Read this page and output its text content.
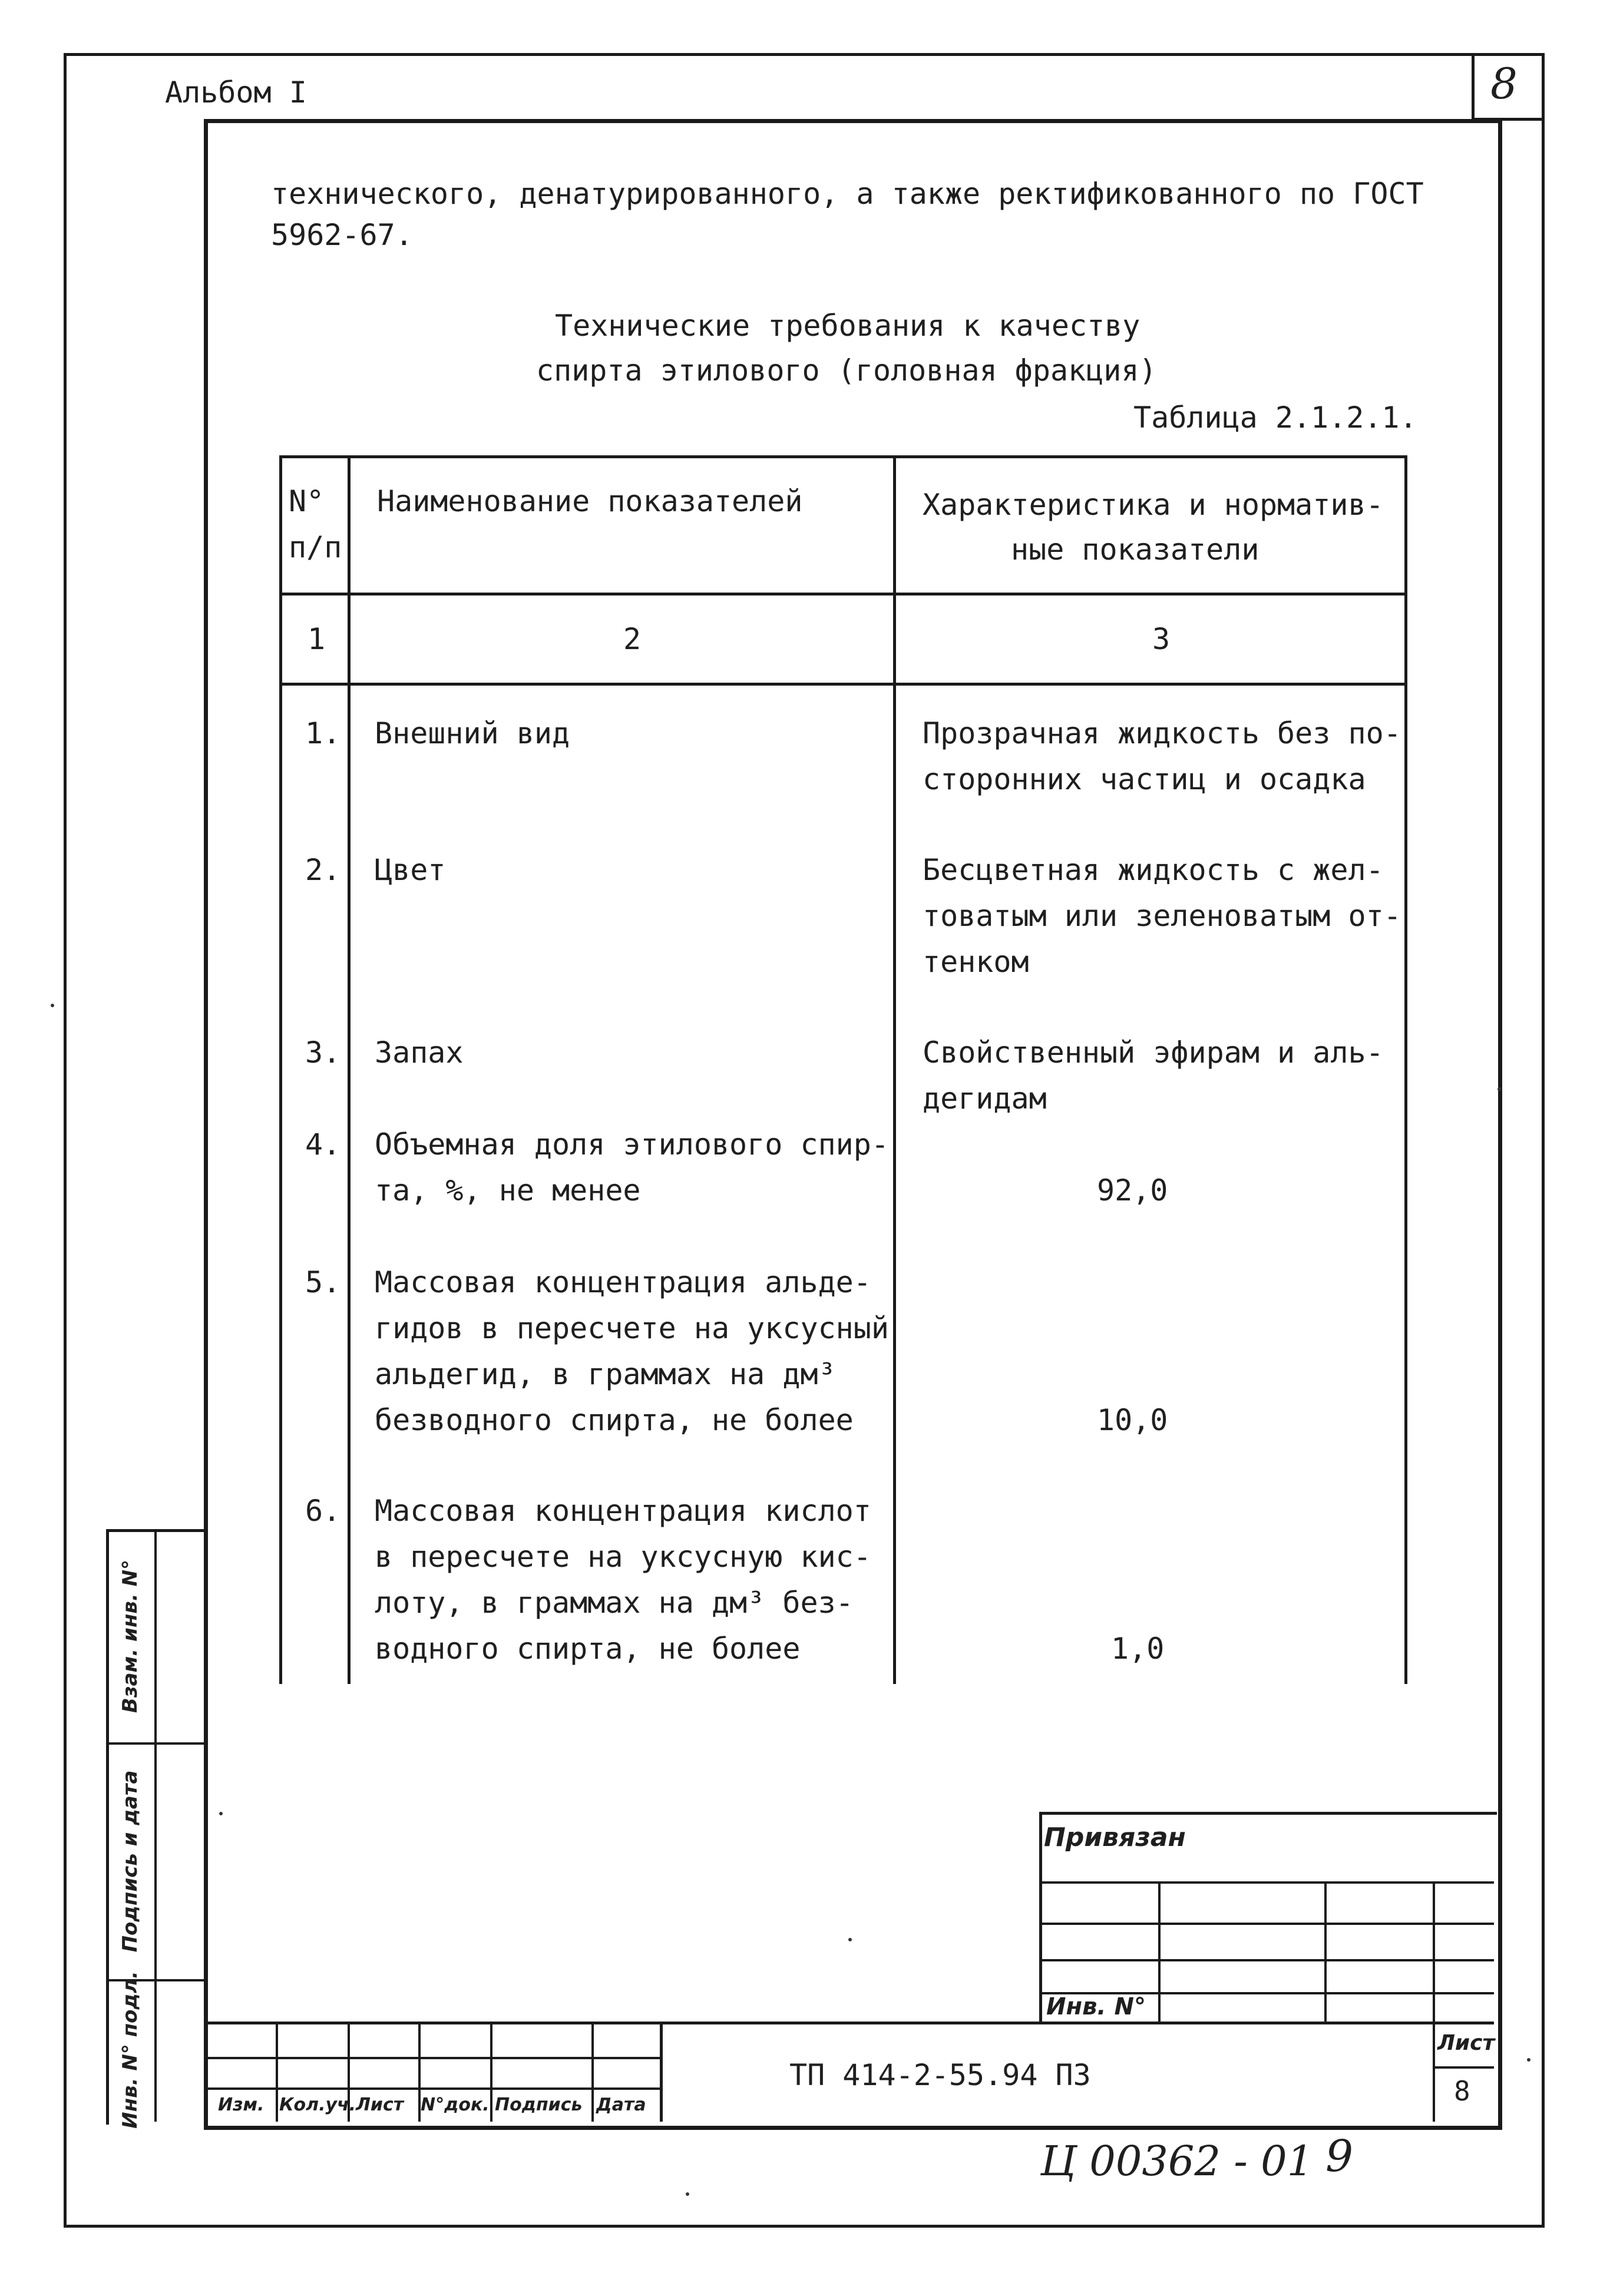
8
Альбом I
технического, денатурированного, а также ректификованного по ГОСТ
5962-67.
Технические требования к качеству
спирта этилового (головная фракция)
Таблица 2.1.2.1.
N°
п/п
Наименование показателей	Характеристика и норматив-
ные показатели
1	2	3
1. Внешний вид	Прозрачная жидкость без по-
сторонних частиц и осадка
2. Цвет	Бесцветная жидкость с жел-
товатым или зеленоватым от-
тенком
3. Запах	Свойственный эфирам и аль-
дегидам
4. Объемная доля этилового спир-
та, %, не менее	92,0
5. Массовая концентрация альде-
гидов в пересчете на уксусный
альдегид, в граммах на дм³
безводного спирта, не более	10,0
6. Массовая концентрация кислот
в пересчете на уксусную кис-
лоту, в граммах на дм³ без-
водного спирта, не более	1,0
Инв. N° подл.
Подпись и дата
Взам. инв. N°
Привязан
Инв. N°
Изм. Кол.уч. Лист N°док. Подпись Дата
ТП 414-2-55.94 ПЗ
Лист
8
Ц 00362 - 01 9
